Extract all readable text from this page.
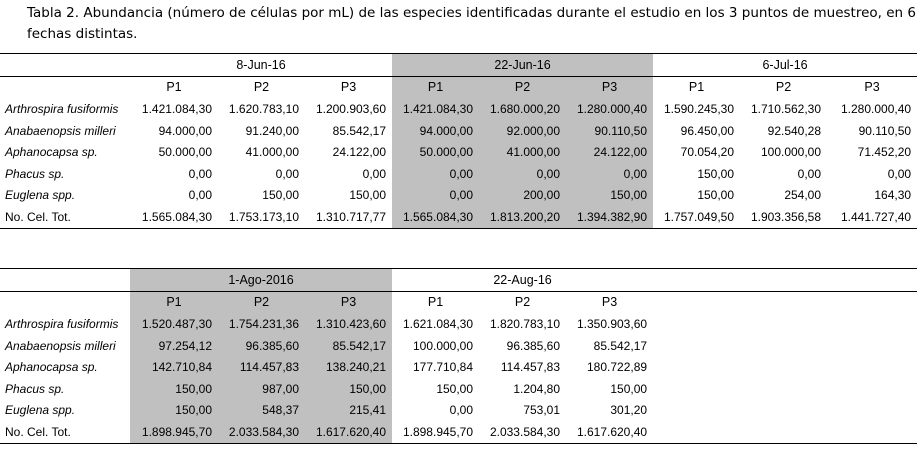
Tabla 2. Abundancia (número de células por mL) de las especies identificadas durante el estudio en los 3 puntos de muestreo, en 6 fechas distintas.

	8-Jun-16			22-Jun-16			6-Jul-16		
	P1	P2	P3	P1	P2	P3	P1	P2	P3
Arthrospira fusiformis	1.421.084,30	1.620.783,10	1.200.903,60	1.421.084,30	1.680.000,20	1.280.000,40	1.590.245,30	1.710.562,30	1.280.000,40
Anabaenopsis milleri	94.000,00	91.240,00	85.542,17	94.000,00	92.000,00	90.110,50	96.450,00	92.540,28	90.110,50
Aphanocapsa sp.	50.000,00	41.000,00	24.122,00	50.000,00	41.000,00	24.122,00	70.054,20	100.000,00	71.452,20
Phacus sp.	0,00	0,00	0,00	0,00	0,00	0,00	150,00	0,00	0,00
Euglena spp.	0,00	150,00	150,00	0,00	200,00	150,00	150,00	254,00	164,30
No. Cel. Tot.	1.565.084,30	1.753.173,10	1.310.717,77	1.565.084,30	1.813.200,20	1.394.382,90	1.757.049,50	1.903.356,58	1.441.727,40
	1-Ago-2016			22-Aug-16			
	P1	P2	P3	P1	P2	P3	
Arthrospira fusiformis	1.520.487,30	1.754.231,36	1.310.423,60	1.621.084,30	1.820.783,10	1.350.903,60	
Anabaenopsis milleri	97.254,12	96.385,60	85.542,17	100.000,00	96.385,60	85.542,17	
Aphanocapsa sp.	142.710,84	114.457,83	138.240,21	177.710,84	114.457,83	180.722,89	
Phacus sp.	150,00	987,00	150,00	150,00	1.204,80	150,00	
Euglena spp.	150,00	548,37	215,41	0,00	753,01	301,20	
No. Cel. Tot.	1.898.945,70	2.033.584,30	1.617.620,40	1.898.945,70	2.033.584,30	1.617.620,40	
